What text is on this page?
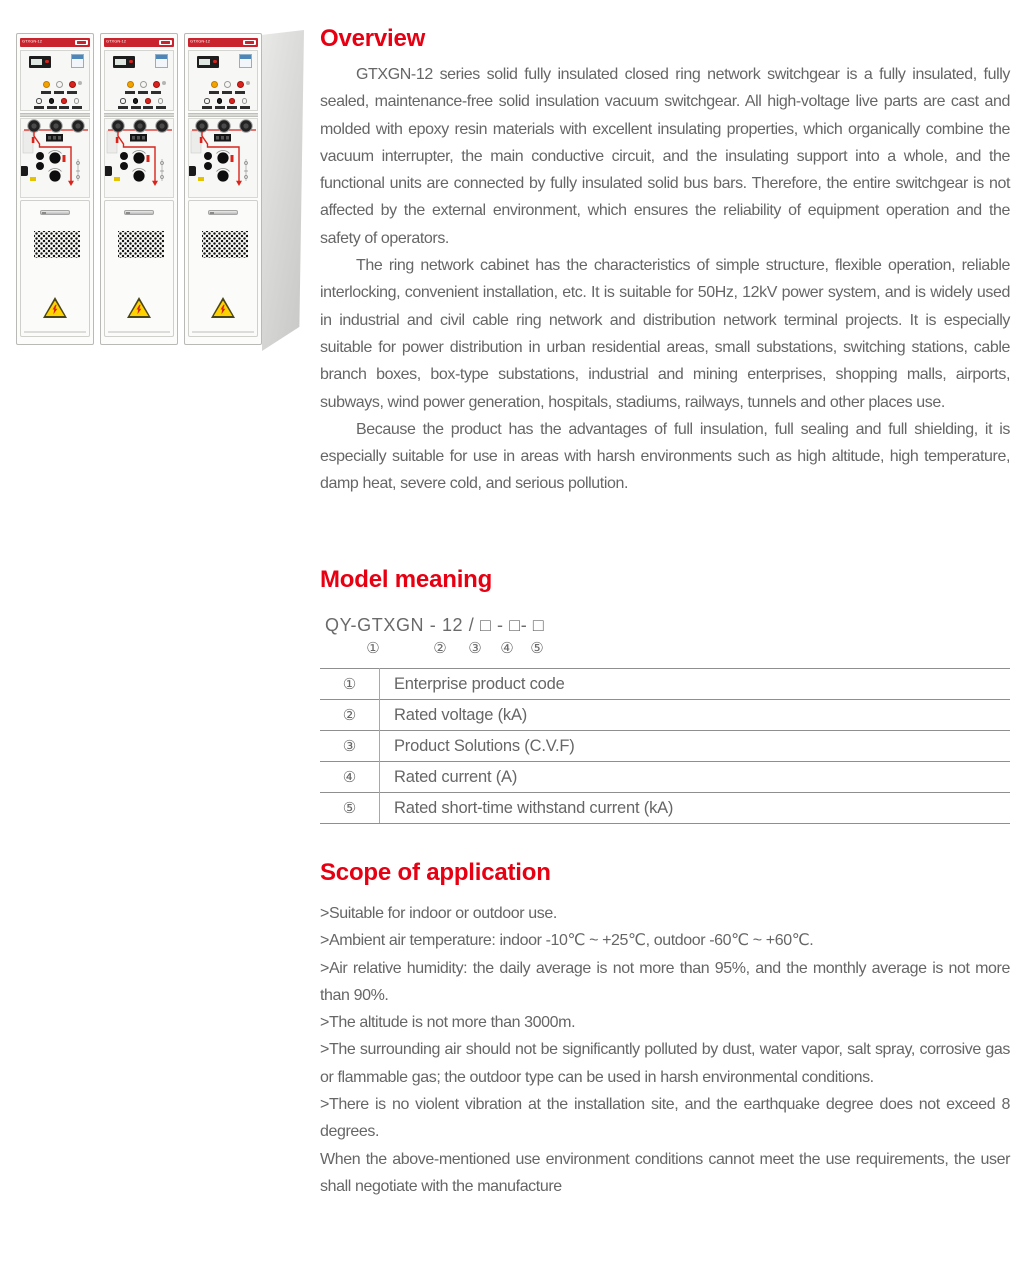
GTXGN-12	GTXGN-12	GTXGN-12	Overview

GTXGN-12 series solid fully insulated closed ring network switchgear is a fully insulated, fully sealed, maintenance-free solid insulation vacuum switchgear. All high-voltage live parts are cast and molded with epoxy resin materials with excellent insulating properties, which organically combine the vacuum interrupter, the main conductive circuit, and the insulating support into a whole, and the functional units are connected by fully insulated solid bus bars. Therefore, the entire switchgear is not affected by the external environment, which ensures the reliability of equipment operation and the safety of operators.

The ring network cabinet has the characteristics of simple structure, flexible operation, reliable interlocking, convenient installation, etc. It is suitable for 50Hz, 12kV power system, and is widely used in industrial and civil cable ring network and distribution network terminal projects. It is especially suitable for power distribution in urban residential areas, small substations, switching stations, cable branch boxes, box-type substations, industrial and mining enterprises, shopping malls, airports, subways, wind power generation, hospitals, stadiums, railways, tunnels and other places use.

Because the product has the advantages of full insulation, full sealing and full shielding, it is especially suitable for use in areas with harsh environments such as high altitude, high temperature, damp heat, severe cold, and serious pollution.

Model meaning
QY-GTXGN - 12 / □ - □- □
①	② ③ ④ ⑤
①	Enterprise product code
②	Rated voltage (kA)
③	Product Solutions (C.V.F)
④	Rated current (A)
⑤	Rated short-time withstand current (kA)
Scope of application

>Suitable for indoor or outdoor use.

>Ambient air temperature: indoor -10℃ ~ +25℃, outdoor -60℃ ~ +60℃.

>Air relative humidity: the daily average is not more than 95%, and the monthly average is not more than 90%.

>The altitude is not more than 3000m.

>The surrounding air should not be significantly polluted by dust, water vapor, salt spray, corrosive gas or flammable gas; the outdoor type can be used in harsh environmental conditions.

>There is no violent vibration at the installation site, and the earthquake degree does not exceed 8 degrees.

When the above-mentioned use environment conditions cannot meet the use requirements, the user shall negotiate with the manufacture
